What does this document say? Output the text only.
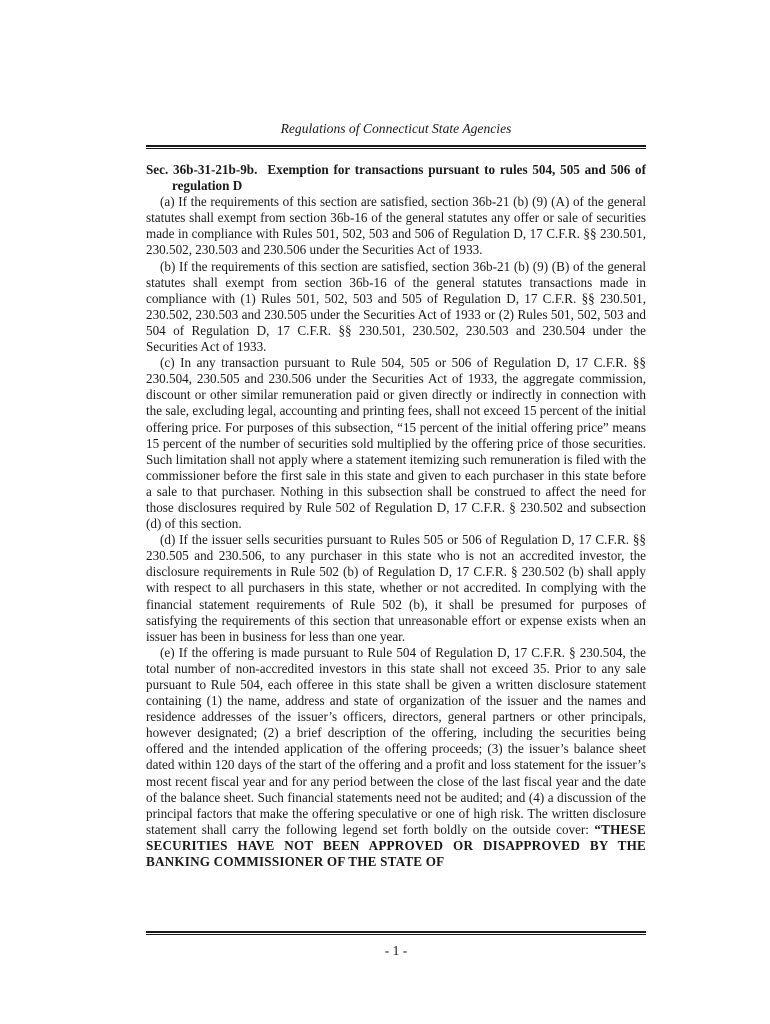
Regulations of Connecticut State Agencies

Sec. 36b-31-21b-9b. Exemption for transactions pursuant to rules 504, 505 and 506 of regulation D

(a) If the requirements of this section are satisfied, section 36b-21 (b) (9) (A) of the general statutes shall exempt from section 36b-16 of the general statutes any offer or sale of securities made in compliance with Rules 501, 502, 503 and 506 of Regulation D, 17 C.F.R. §§ 230.501, 230.502, 230.503 and 230.506 under the Securities Act of 1933.

(b) If the requirements of this section are satisfied, section 36b-21 (b) (9) (B) of the general statutes shall exempt from section 36b-16 of the general statutes transactions made in compliance with (1) Rules 501, 502, 503 and 505 of Regulation D, 17 C.F.R. §§ 230.501, 230.502, 230.503 and 230.505 under the Securities Act of 1933 or (2) Rules 501, 502, 503 and 504 of Regulation D, 17 C.F.R. §§ 230.501, 230.502, 230.503 and 230.504 under the Securities Act of 1933.

(c) In any transaction pursuant to Rule 504, 505 or 506 of Regulation D, 17 C.F.R. §§ 230.504, 230.505 and 230.506 under the Securities Act of 1933, the aggregate commission, discount or other similar remuneration paid or given directly or indirectly in connection with the sale, excluding legal, accounting and printing fees, shall not exceed 15 percent of the initial offering price. For purposes of this subsection, “15 percent of the initial offering price” means 15 percent of the number of securities sold multiplied by the offering price of those securities. Such limitation shall not apply where a statement itemizing such remuneration is filed with the commissioner before the first sale in this state and given to each purchaser in this state before a sale to that purchaser. Nothing in this subsection shall be construed to affect the need for those disclosures required by Rule 502 of Regulation D, 17 C.F.R. § 230.502 and subsection (d) of this section.

(d) If the issuer sells securities pursuant to Rules 505 or 506 of Regulation D, 17 C.F.R. §§ 230.505 and 230.506, to any purchaser in this state who is not an accredited investor, the disclosure requirements in Rule 502 (b) of Regulation D, 17 C.F.R. § 230.502 (b) shall apply with respect to all purchasers in this state, whether or not accredited. In complying with the financial statement requirements of Rule 502 (b), it shall be presumed for purposes of satisfying the requirements of this section that unreasonable effort or expense exists when an issuer has been in business for less than one year.

(e) If the offering is made pursuant to Rule 504 of Regulation D, 17 C.F.R. § 230.504, the total number of non-accredited investors in this state shall not exceed 35. Prior to any sale pursuant to Rule 504, each offeree in this state shall be given a written disclosure statement containing (1) the name, address and state of organization of the issuer and the names and residence addresses of the issuer’s officers, directors, general partners or other principals, however designated; (2) a brief description of the offering, including the securities being offered and the intended application of the offering proceeds; (3) the issuer’s balance sheet dated within 120 days of the start of the offering and a profit and loss statement for the issuer’s most recent fiscal year and for any period between the close of the last fiscal year and the date of the balance sheet. Such financial statements need not be audited; and (4) a discussion of the principal factors that make the offering speculative or one of high risk. The written disclosure statement shall carry the following legend set forth boldly on the outside cover: “THESE SECURITIES HAVE NOT BEEN APPROVED OR DISAPPROVED BY THE BANKING COMMISSIONER OF THE STATE OF

- 1 -
